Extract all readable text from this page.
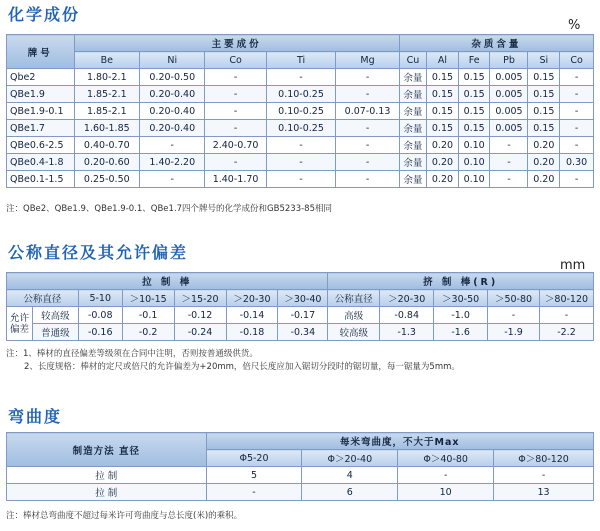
化学成份
%
牌号	主要成份					杂质含量					
	Be	Ni	Co	Ti	Mg	Cu	Al	Fe	Pb	Si	Co
Qbe2	1.80-2.1	0.20-0.50	-	-	-	余量	0.15	0.15	0.005	0.15	-
QBe1.9	1.85-2.1	0.20-0.40	-	0.10-0.25	-	余量	0.15	0.15	0.005	0.15	-
QBe1.9-0.1	1.85-2.1	0.20-0.40	-	0.10-0.25	0.07-0.13	余量	0.15	0.15	0.005	0.15	-
QBe1.7	1.60-1.85	0.20-0.40	-	0.10-0.25	-	余量	0.15	0.15	0.005	0.15	-
QBe0.6-2.5	0.40-0.70	-	2.40-0.70	-	-	余量	0.20	0.10	-	0.20	-
QBe0.4-1.8	0.20-0.60	1.40-2.20	-	-	-	余量	0.20	0.10	-	0.20	0.30
QBe0.1-1.5	0.25-0.50	-	1.40-1.70	-	-	余量	0.20	0.10	-	0.20	-
注：QBe2、QBe1.9、QBe1.9-0.1、QBe1.7四个牌号的化学成份和GB5233-85相同
公称直径及其允许偏差
mm
拉 制 棒							挤 制 棒(R)				
公称直径		5-10	＞10-15	＞15-20	＞20-30	＞30-40	公称直径	＞20-30	＞30-50	＞50-80	＞80-120
允许偏差	较高级	-0.08	-0.1	-0.12	-0.14	-0.17	高级	-0.84	-1.0	-	-
	普通级	-0.16	-0.2	-0.24	-0.18	-0.34	较高级	-1.3	-1.6	-1.9	-2.2
注：1、棒材的直径偏差等级须在合同中注明，否则按普通级供货。
2、长度规格：棒材的定尺或倍尺的允许偏差为+20mm，倍尺长度应加入锯切分段时的锯切量，每一锯量为5mm。
弯曲度
制造方法 直径	每米弯曲度，不大于Max			
	Φ5-20	Φ＞20-40	Φ＞40-80	Φ＞80-120
拉 制	5	4	-	-
拉 制	-	6	10	13
注：棒材总弯曲度不超过每米许可弯曲度与总长度(米)的乘积。
